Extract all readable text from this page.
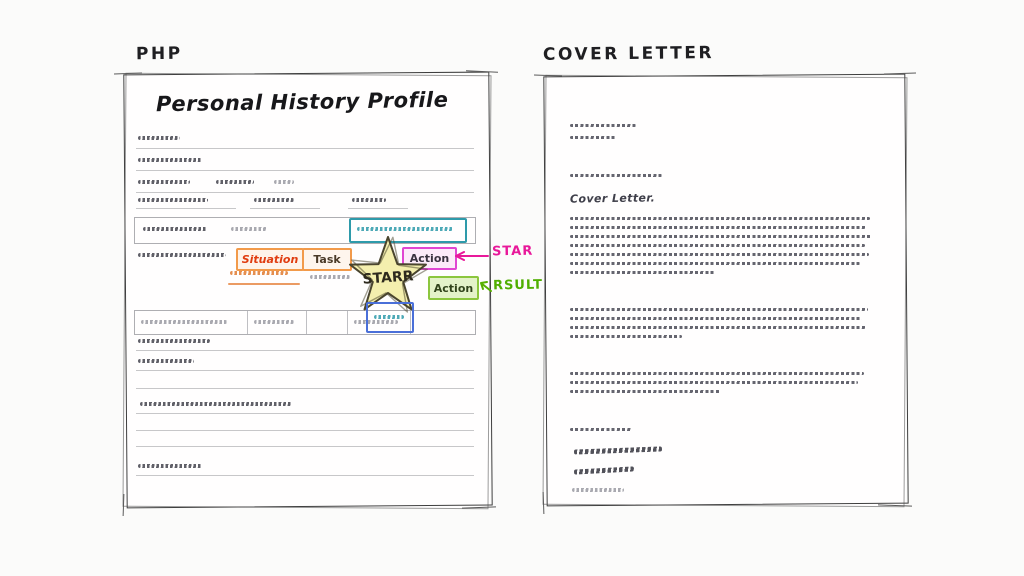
PHP	COVER LETTER
Personal History Profile
Cover Letter.
Situation Task	Action
STARR
STAR
Action RSULT
